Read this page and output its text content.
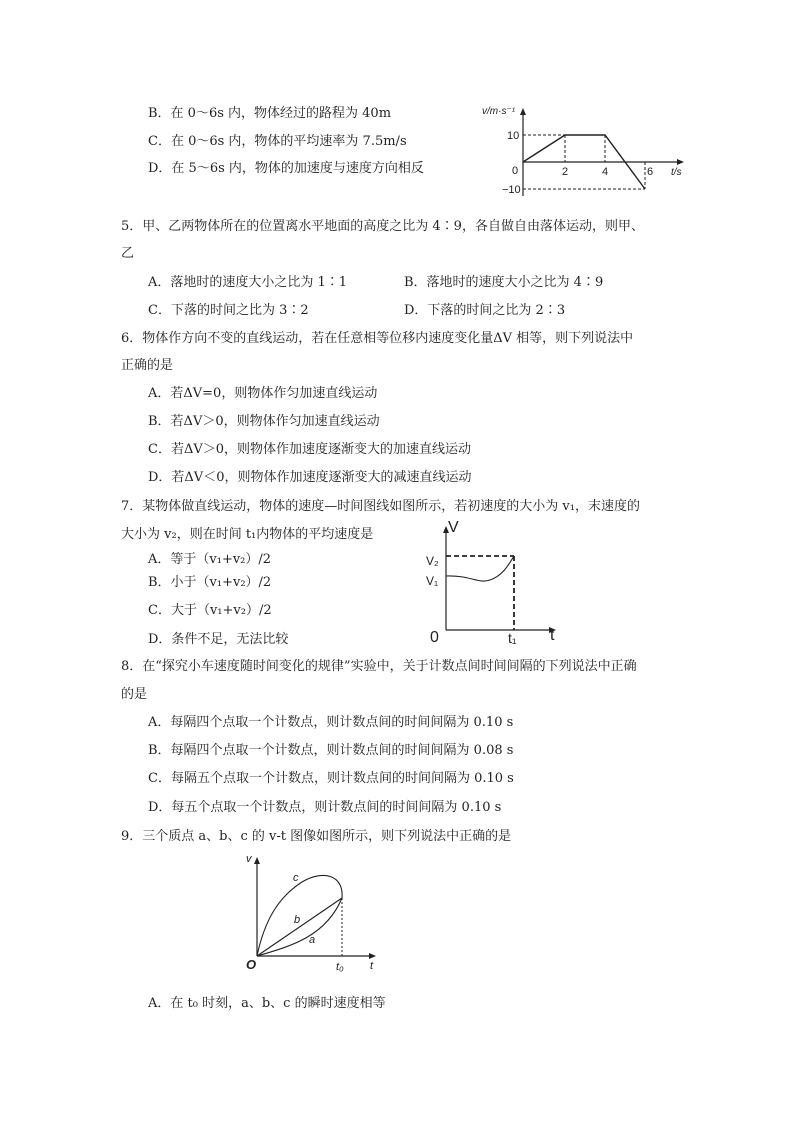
B．在 0～6s 内，物体经过的路程为 40m
C．在 0～6s 内，物体的平均速率为 7.5m/s
D．在 5～6s 内，物体的加速度与速度方向相反
v/m·s⁻¹
t/s
10
0
−10
2	4	6
5．甲、乙两物体所在的位置离水平地面的高度之比为 4∶9，各自做自由落体运动，则甲、
乙
A．落地时的速度大小之比为 1∶1	B．落地时的速度大小之比为 4∶9
C．下落的时间之比为 3∶2	D．下落的时间之比为 2∶3
6．物体作方向不变的直线运动，若在任意相等位移内速度变化量ΔV 相等，则下列说法中
正确的是
A．若ΔV=0，则物体作匀加速直线运动
B．若ΔV＞0，则物体作匀加速直线运动
C．若ΔV＞0，则物体作加速度逐渐变大的加速直线运动
D．若ΔV＜0，则物体作加速度逐渐变大的减速直线运动
7．某物体做直线运动，物体的速度—时间图线如图所示，若初速度的大小为 v₁，末速度的
大小为 v₂，则在时间 t₁内物体的平均速度是
A．等于（v₁+v₂）/2
B．小于（v₁+v₂）/2
C．大于（v₁+v₂）/2
D．条件不足，无法比较
V
t
0
V₂
V₁
t₁
8．在“探究小车速度随时间变化的规律”实验中，关于计数点间时间间隔的下列说法中正确
的是
A．每隔四个点取一个计数点，则计数点间的时间间隔为 0.10 s
B．每隔四个点取一个计数点，则计数点间的时间间隔为 0.08 s
C．每隔五个点取一个计数点，则计数点间的时间间隔为 0.10 s
D．每五个点取一个计数点，则计数点间的时间间隔为 0.10 s
9．三个质点 a、b、c 的 v-t 图像如图所示，则下列说法中正确的是
v
t
O	t₀
c
b
a
A．在 t₀ 时刻，a、b、c 的瞬时速度相等
